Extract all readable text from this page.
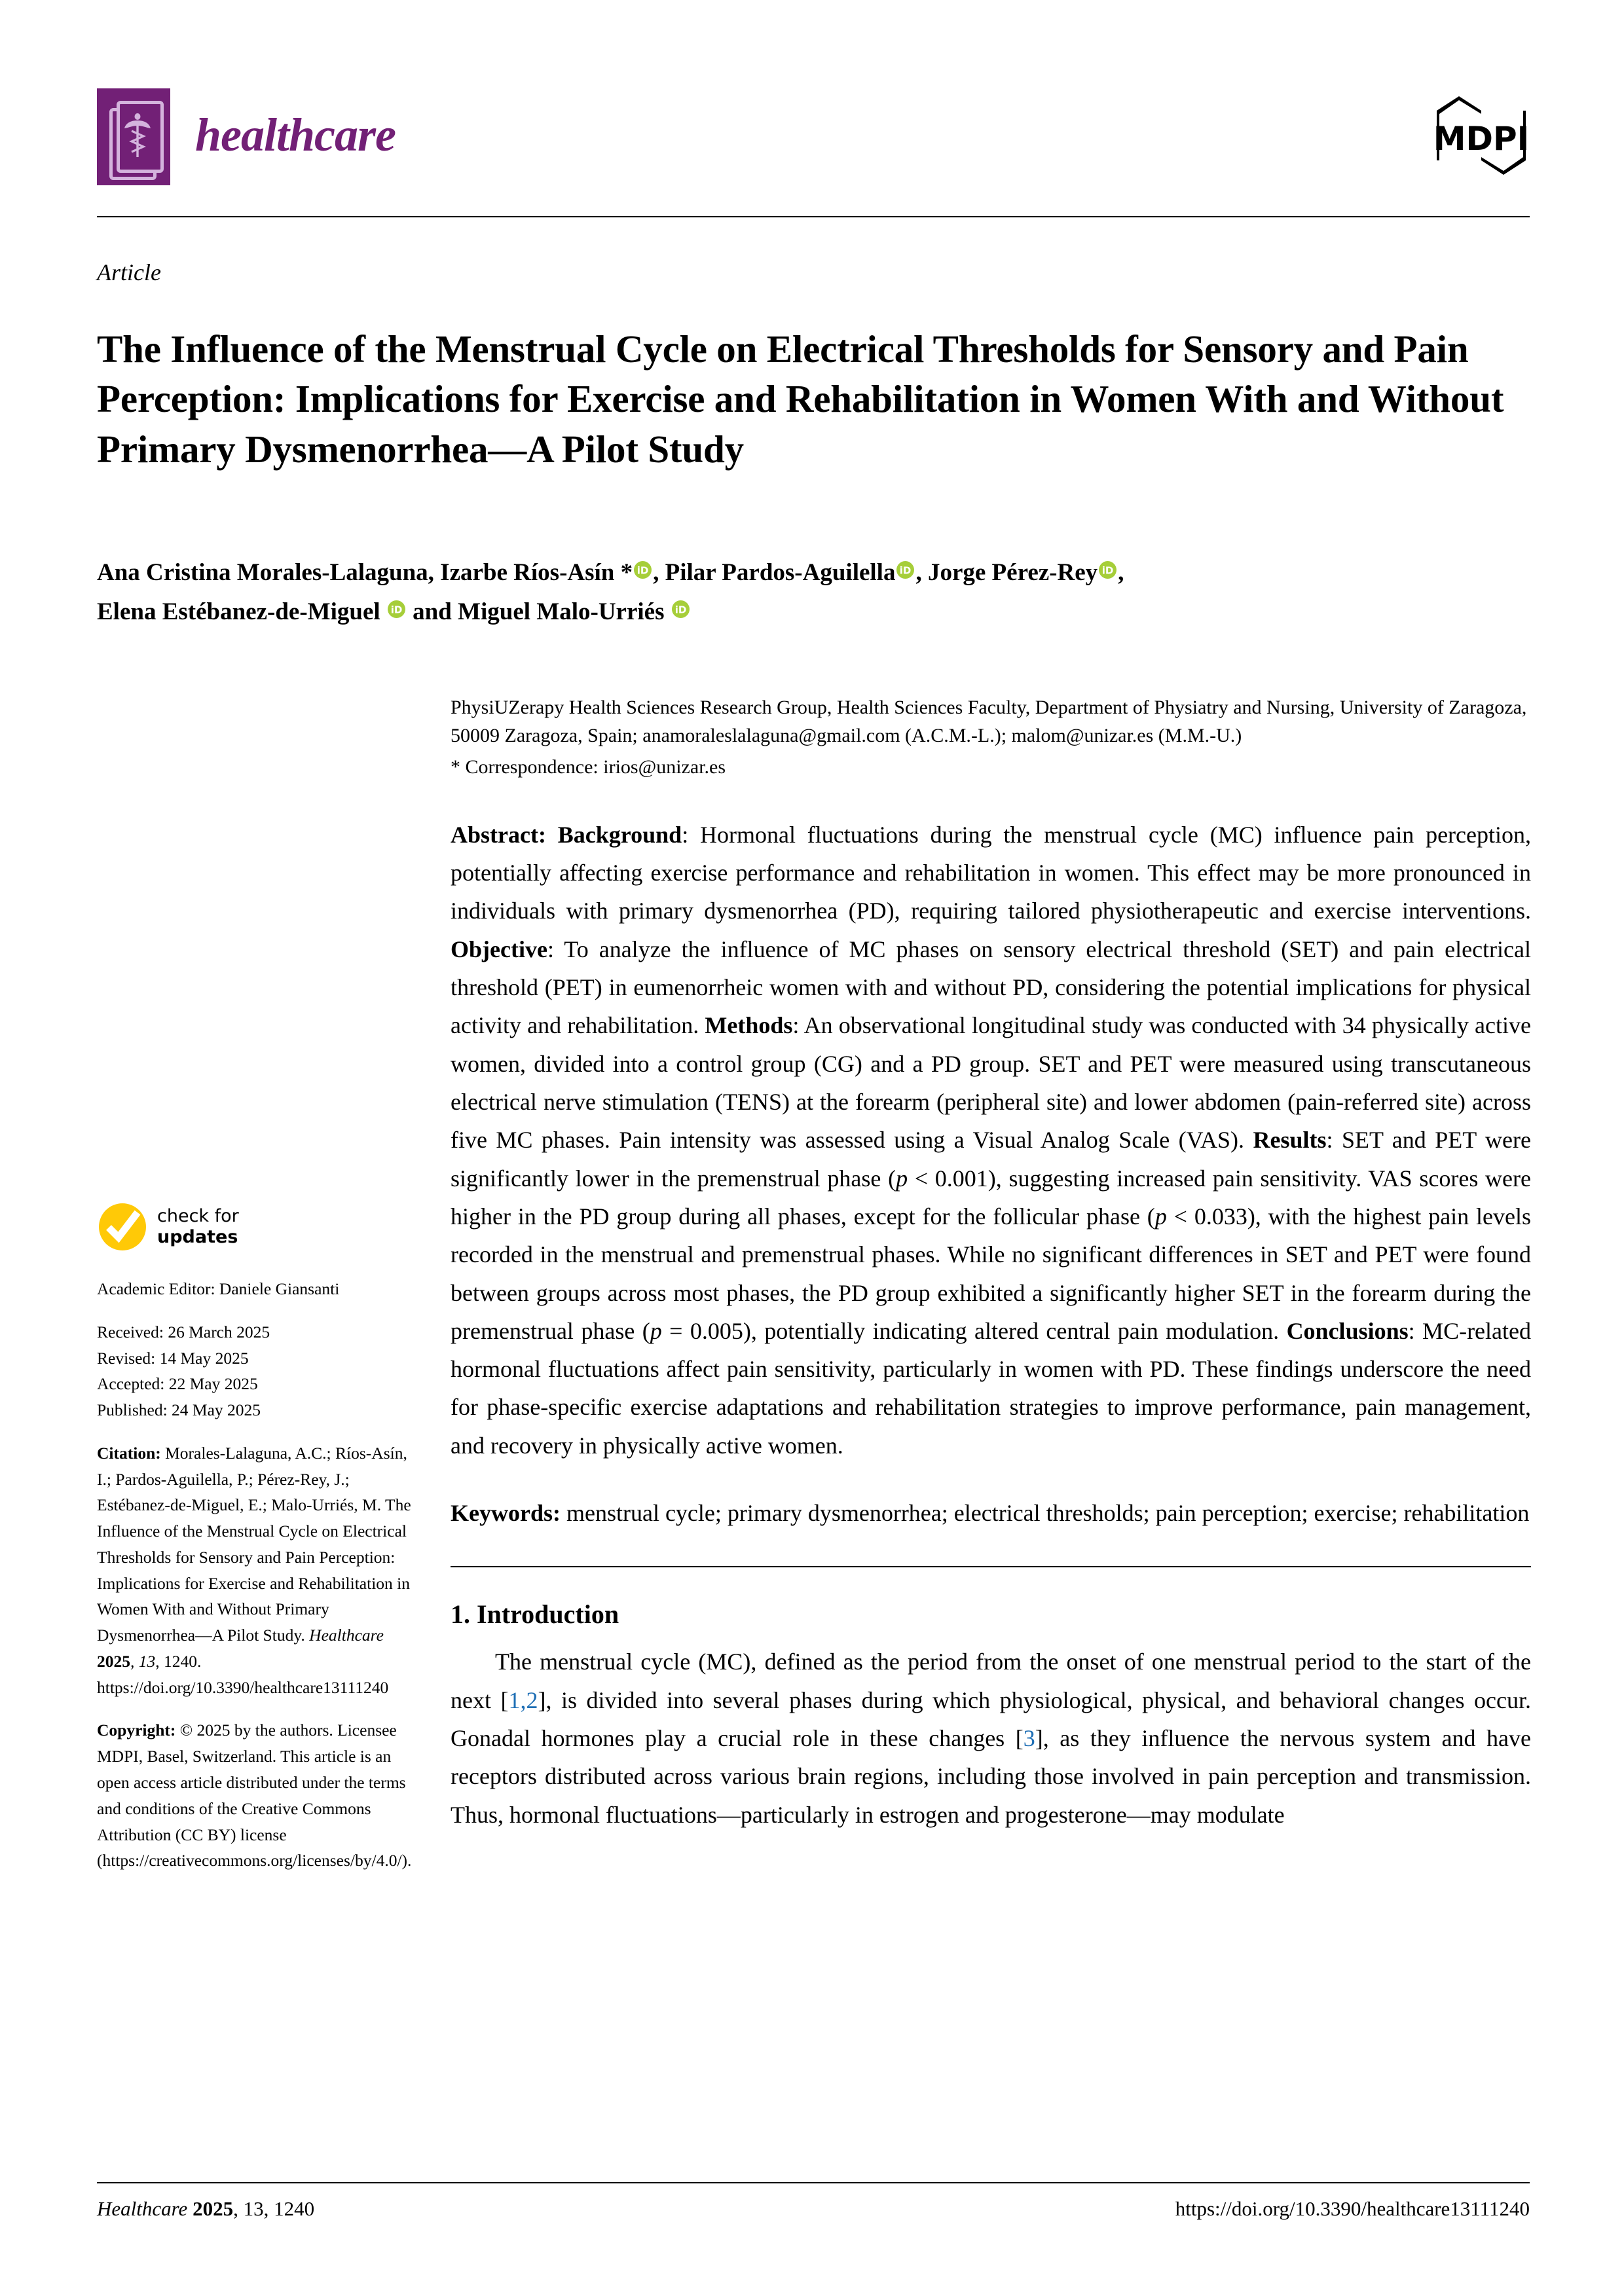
healthcare	MDPI
Article
The Influence of the Menstrual Cycle on Electrical Thresholds for Sensory and Pain Perception: Implications for Exercise and Rehabilitation in Women With and Without Primary Dysmenorrhea—A Pilot Study
Ana Cristina Morales-Lalaguna, Izarbe Ríos-Asín * iD , Pilar Pardos-Aguilella iD , Jorge Pérez-Rey iD ,
Elena Estébanez-de-Miguel iD and Miguel Malo-Urriés iD
check for
updates
Academic Editor: Daniele Giansanti
Received: 26 March 2025
Revised: 14 May 2025
Accepted: 22 May 2025
Published: 24 May 2025
Citation: Morales-Lalaguna, A.C.; Ríos-Asín, I.; Pardos-Aguilella, P.; Pérez-Rey, J.; Estébanez-de-Miguel, E.; Malo-Urriés, M. The Influence of the Menstrual Cycle on Electrical Thresholds for Sensory and Pain Perception: Implications for Exercise and Rehabilitation in Women With and Without Primary Dysmenorrhea—A Pilot Study. Healthcare 2025, 13, 1240. https://doi.org/10.3390/healthcare13111240
Copyright: © 2025 by the authors. Licensee MDPI, Basel, Switzerland. This article is an open access article distributed under the terms and conditions of the Creative Commons Attribution (CC BY) license (https://creativecommons.org/licenses/by/4.0/).

PhysiUZerapy Health Sciences Research Group, Health Sciences Faculty, Department of Physiatry and Nursing, University of Zaragoza, 50009 Zaragoza, Spain; anamoraleslalaguna@gmail.com (A.C.M.-L.); malom@unizar.es (M.M.-U.)

* Correspondence: irios@unizar.es

Abstract: Background: Hormonal fluctuations during the menstrual cycle (MC) influence pain perception, potentially affecting exercise performance and rehabilitation in women. This effect may be more pronounced in individuals with primary dysmenorrhea (PD), requiring tailored physiotherapeutic and exercise interventions. Objective: To analyze the influence of MC phases on sensory electrical threshold (SET) and pain electrical threshold (PET) in eumenorrheic women with and without PD, considering the potential implications for physical activity and rehabilitation. Methods: An observational longitudinal study was conducted with 34 physically active women, divided into a control group (CG) and a PD group. SET and PET were measured using transcutaneous electrical nerve stimulation (TENS) at the forearm (peripheral site) and lower abdomen (pain-referred site) across five MC phases. Pain intensity was assessed using a Visual Analog Scale (VAS). Results: SET and PET were significantly lower in the premenstrual phase (p < 0.001), suggesting increased pain sensitivity. VAS scores were higher in the PD group during all phases, except for the follicular phase (p < 0.033), with the highest pain levels recorded in the menstrual and premenstrual phases. While no significant differences in SET and PET were found between groups across most phases, the PD group exhibited a significantly higher SET in the forearm during the premenstrual phase (p = 0.005), potentially indicating altered central pain modulation. Conclusions: MC-related hormonal fluctuations affect pain sensitivity, particularly in women with PD. These findings underscore the need for phase-specific exercise adaptations and rehabilitation strategies to improve performance, pain management, and recovery in physically active women.
Keywords: menstrual cycle; primary dysmenorrhea; electrical thresholds; pain perception; exercise; rehabilitation
1. Introduction

The menstrual cycle (MC), defined as the period from the onset of one menstrual period to the start of the next [1,2], is divided into several phases during which physiological, physical, and behavioral changes occur. Gonadal hormones play a crucial role in these changes [3], as they influence the nervous system and have receptors distributed across various brain regions, including those involved in pain perception and transmission. Thus, hormonal fluctuations—particularly in estrogen and progesterone—may modulate

Healthcare 2025, 13, 1240	https://doi.org/10.3390/healthcare13111240
